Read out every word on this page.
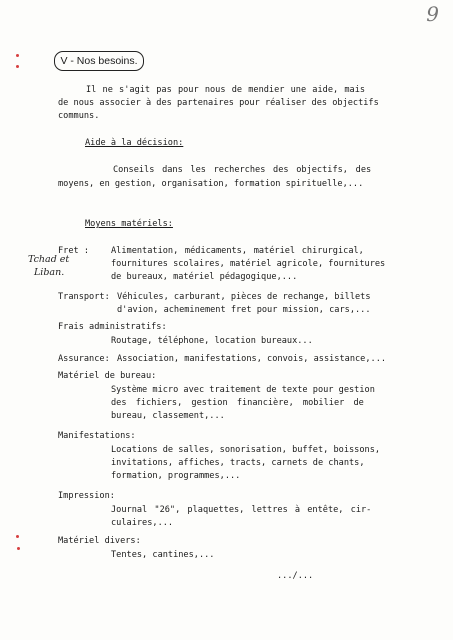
9
V - Nos besoins.
Il ne s'agit pas pour nous de mendier une aide, mais
de nous associer à des partenaires pour réaliser des objectifs
communs.
Aide à la décision:
Conseils dans les recherches des objectifs, des
moyens, en gestion, organisation, formation spirituelle,...
Moyens matériels:
Tchad et
Liban.
Fret :	Alimentation, médicaments, matériel chirurgical,
fournitures scolaires, matériel agricole, fournitures
de bureaux, matériel pédagogique,...
Transport: Véhicules, carburant, pièces de rechange, billets
d'avion, acheminement fret pour mission, cars,...
Frais administratifs:
Routage, téléphone, location bureaux...
Assurance: Association, manifestations, convois, assistance,...
Matériel de bureau:
Système micro avec traitement de texte pour gestion
des fichiers, gestion financière, mobilier de
bureau, classement,...
Manifestations:
Locations de salles, sonorisation, buffet, boissons,
invitations, affiches, tracts, carnets de chants,
formation, programmes,...
Impression:
Journal "26", plaquettes, lettres à entête, cir-
culaires,...
Matériel divers:
Tentes, cantines,...
.../...
